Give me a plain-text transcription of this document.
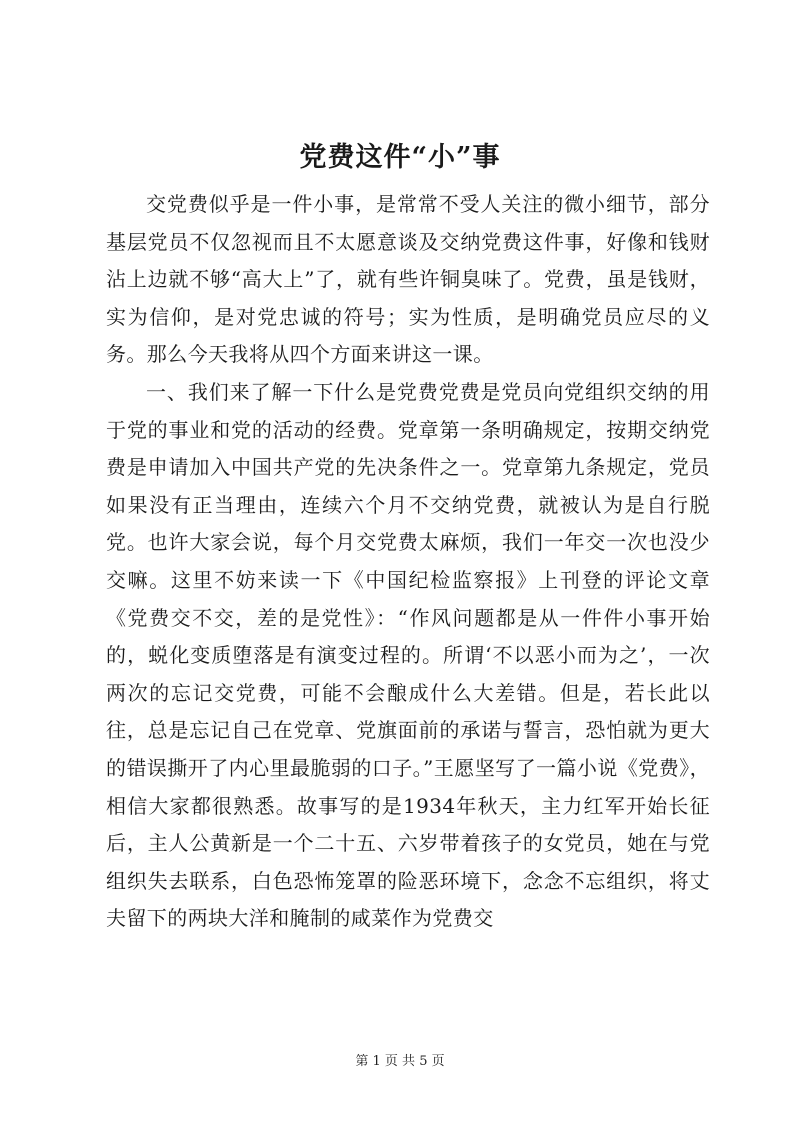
党费这件“小”事

交党费似乎是一件小事，是常常不受人关注的微小细节，部分基层党员不仅忽视而且不太愿意谈及交纳党费这件事，好像和钱财沾上边就不够“高大上”了，就有些许铜臭味了。党费，虽是钱财，实为信仰，是对党忠诚的符号；实为性质，是明确党员应尽的义务。那么今天我将从四个方面来讲这一课。

一、我们来了解一下什么是党费党费是党员向党组织交纳的用于党的事业和党的活动的经费。党章第一条明确规定，按期交纳党费是申请加入中国共产党的先决条件之一。党章第九条规定，党员如果没有正当理由，连续六个月不交纳党费，就被认为是自行脱党。也许大家会说，每个月交党费太麻烦，我们一年交一次也没少交嘛。这里不妨来读一下《中国纪检监察报》上刊登的评论文章《党费交不交，差的是党性》：“作风问题都是从一件件小事开始的，蜕化变质堕落是有演变过程的。所谓‘不以恶小而为之’，一次两次的忘记交党费，可能不会酿成什么大差错。但是，若长此以往，总是忘记自己在党章、党旗面前的承诺与誓言，恐怕就为更大的错误撕开了内心里最脆弱的口子。”王愿坚写了一篇小说《党费》，相信大家都很熟悉。故事写的是1934年秋天，主力红军开始长征后，主人公黄新是一个二十五、六岁带着孩子的女党员，她在与党组织失去联系，白色恐怖笼罩的险恶环境下，念念不忘组织，将丈夫留下的两块大洋和腌制的咸菜作为党费交

第 1 页 共 5 页
